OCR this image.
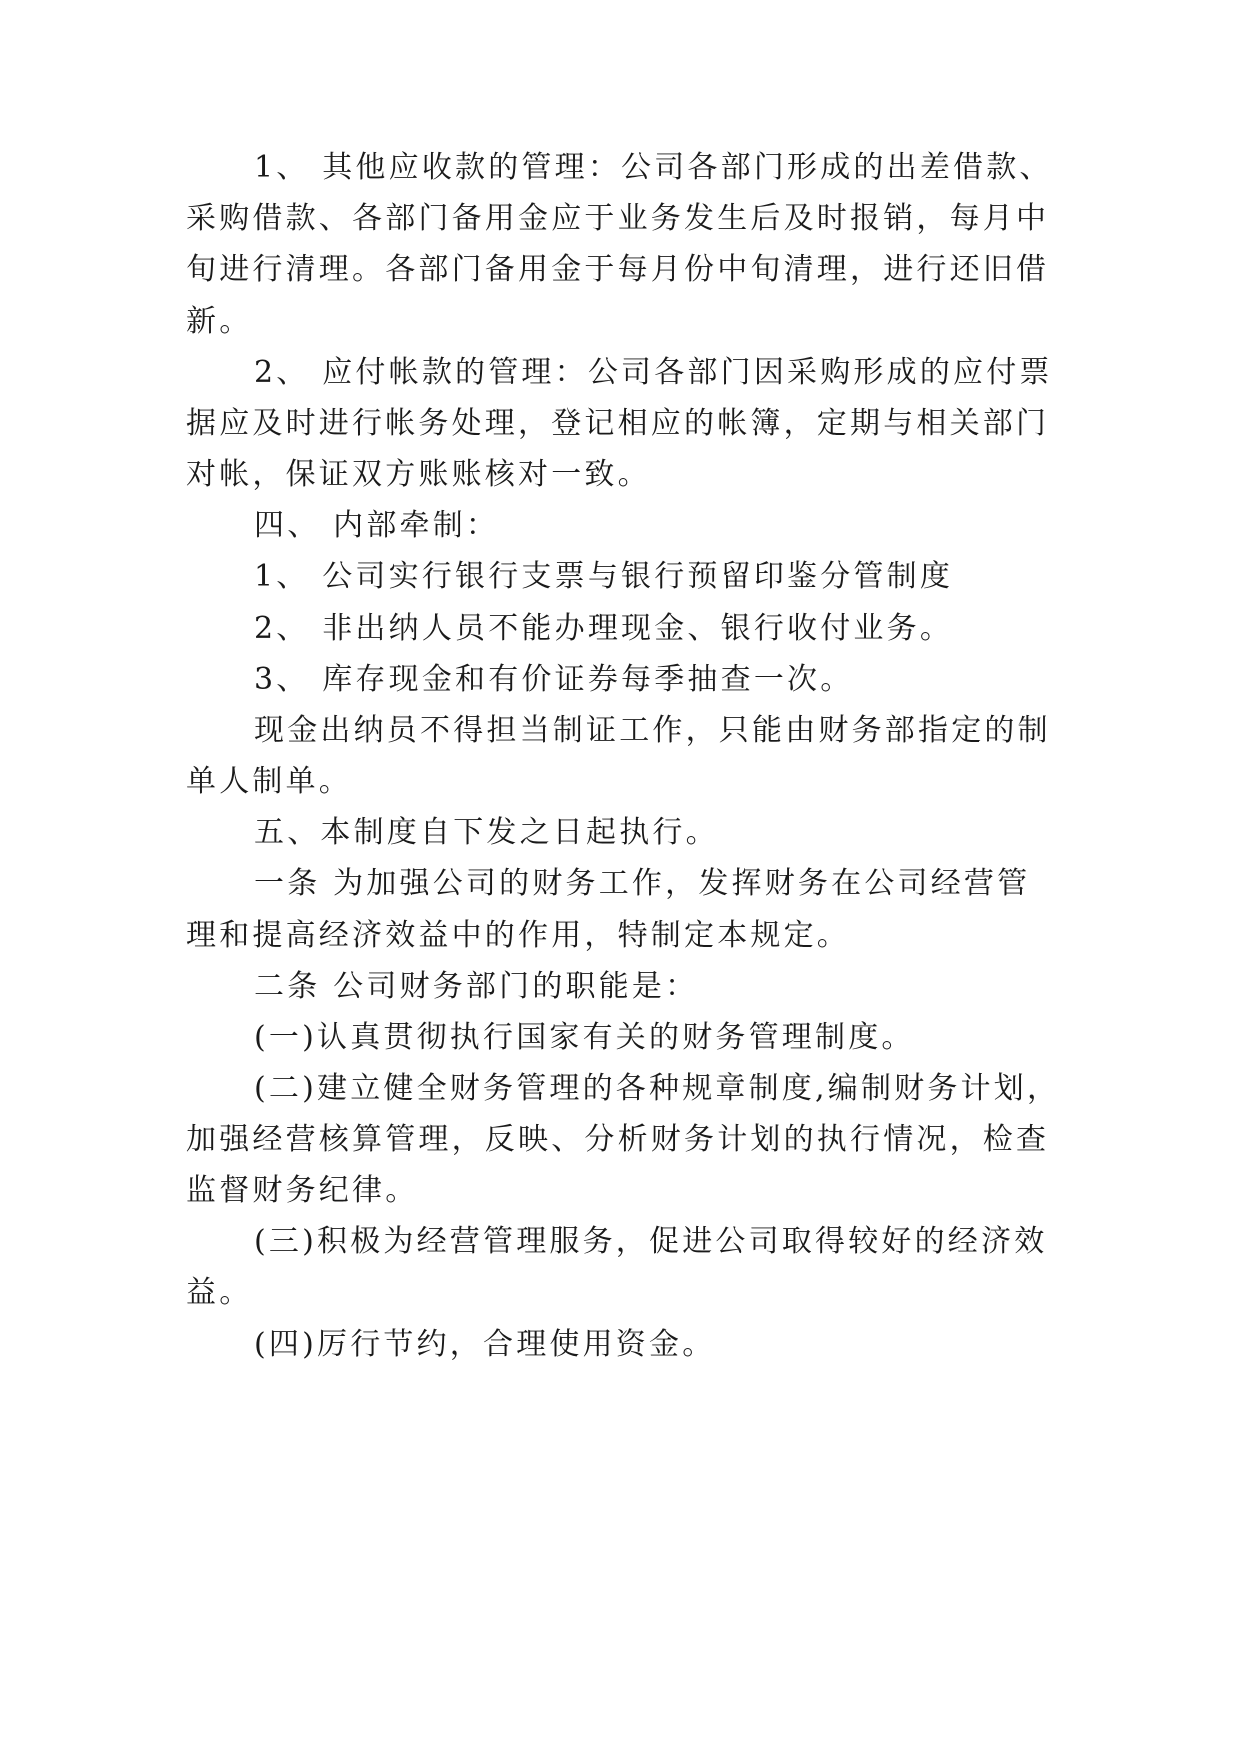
1、 其他应收款的管理：公司各部门形成的出差借款、
采购借款、各部门备用金应于业务发生后及时报销，每月中
旬进行清理。各部门备用金于每月份中旬清理，进行还旧借
新。
2、 应付帐款的管理：公司各部门因采购形成的应付票
据应及时进行帐务处理，登记相应的帐簿，定期与相关部门
对帐，保证双方账账核对一致。
四、 内部牵制：
1、 公司实行银行支票与银行预留印鉴分管制度
2、 非出纳人员不能办理现金、银行收付业务。
3、 库存现金和有价证券每季抽查一次。
现金出纳员不得担当制证工作，只能由财务部指定的制
单人制单。
五、本制度自下发之日起执行。
一条 为加强公司的财务工作，发挥财务在公司经营管
理和提高经济效益中的作用，特制定本规定。
二条 公司财务部门的职能是：
(一)认真贯彻执行国家有关的财务管理制度。
(二)建立健全财务管理的各种规章制度,编制财务计划，
加强经营核算管理，反映、分析财务计划的执行情况，检查
监督财务纪律。
(三)积极为经营管理服务，促进公司取得较好的经济效
益。
(四)厉行节约，合理使用资金。
